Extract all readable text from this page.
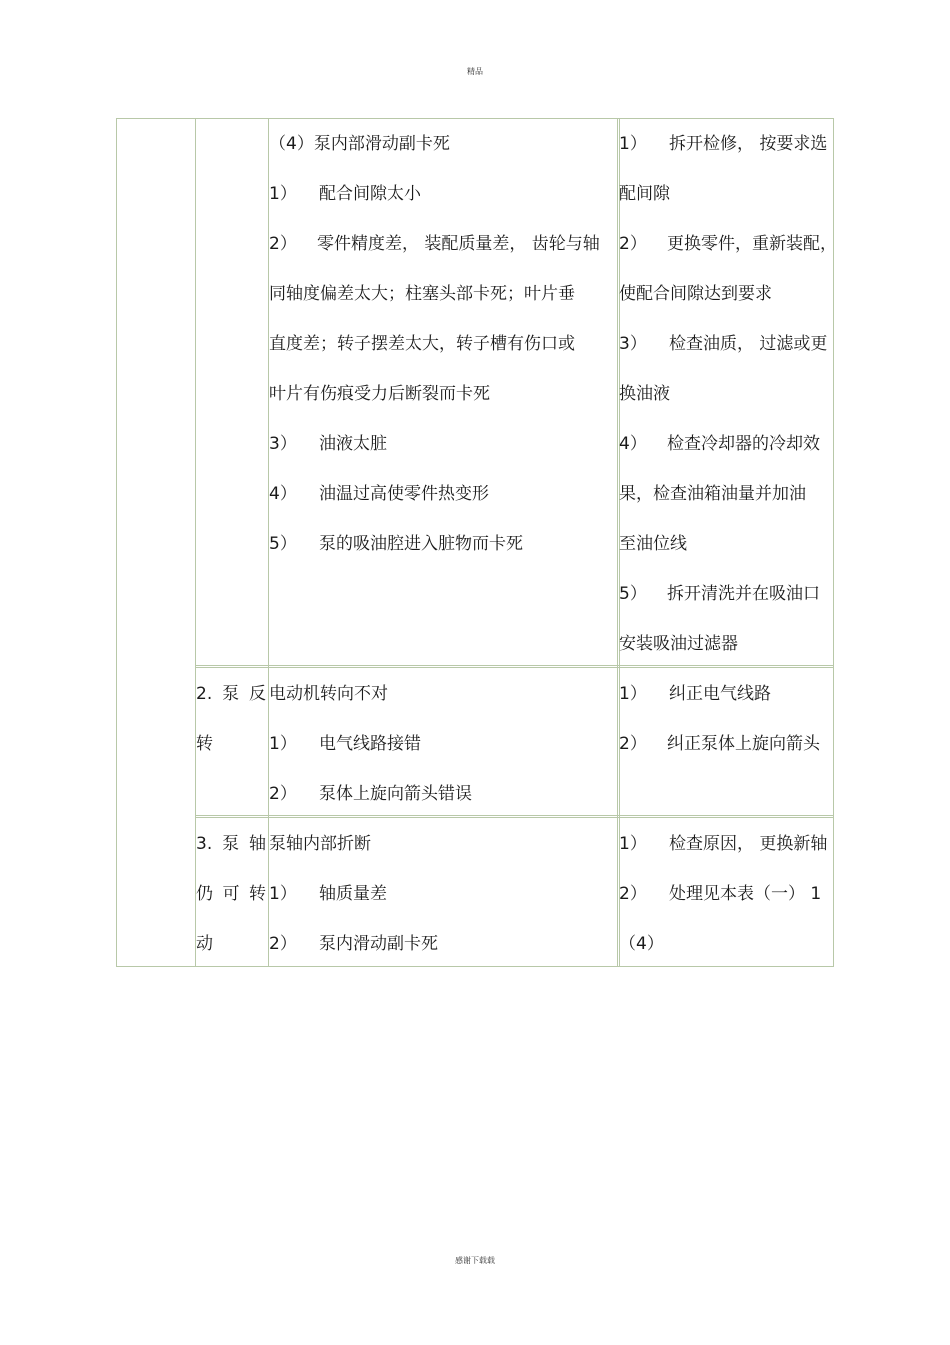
精品
（4）泵内部滑动副卡死
1） 配合间隙太小
2） 零件精度差， 装配质量差， 齿轮与轴
同轴度偏差太大；柱塞头部卡死；叶片垂
直度差；转子摆差太大，转子槽有伤口或
叶片有伤痕受力后断裂而卡死
3） 油液太脏
4） 油温过高使零件热变形
5） 泵的吸油腔进入脏物而卡死
1） 拆开检修， 按要求选
配间隙
2） 更换零件，重新装配，
使配合间隙达到要求
3） 检查油质， 过滤或更
换油液
4） 检查冷却器的冷却效
果，检查油箱油量并加油
至油位线
5） 拆开清洗并在吸油口
安装吸油过滤器
2. 泵 反
转
电动机转向不对
1） 电气线路接错
2） 泵体上旋向箭头错误
1） 纠正电气线路
2） 纠正泵体上旋向箭头
3. 泵 轴
仍 可 转
动
泵轴内部折断
1） 轴质量差
2） 泵内滑动副卡死
1） 检查原因， 更换新轴
2） 处理见本表（一） 1
（4）
感谢下载载
